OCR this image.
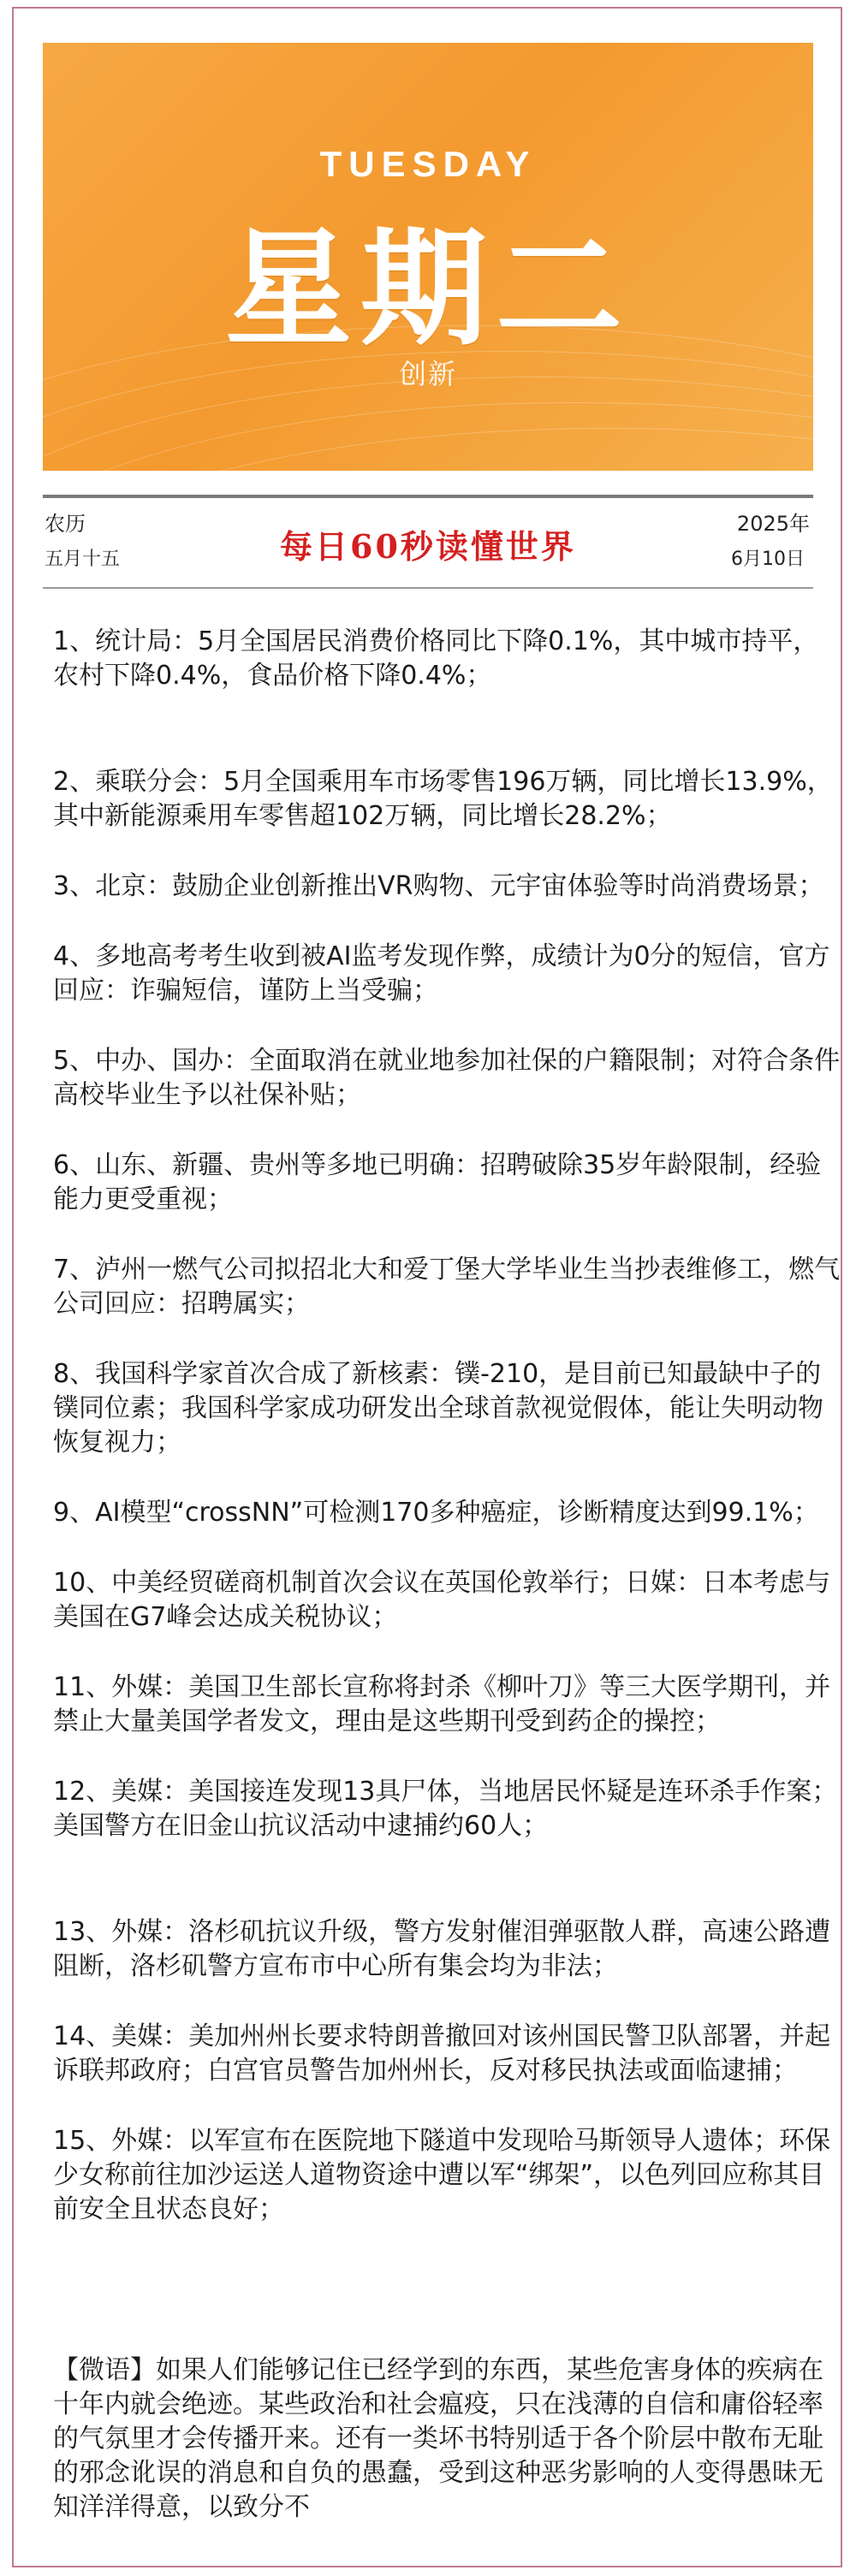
TUESDAY
星期二
创新
农历
五月十五	每日60秒读懂世界
2025年
6月10日

1、统计局：5月全国居民消费价格同比下降0.1%，其中城市持平，农村下降0.4%，食品价格下降0.4%；

2、乘联分会：5月全国乘用车市场零售196万辆，同比增长13.9%，其中新能源乘用车零售超102万辆，同比增长28.2%；

3、北京：鼓励企业创新推出VR购物、元宇宙体验等时尚消费场景；

4、多地高考考生收到被AI监考发现作弊，成绩计为0分的短信，官方回应：诈骗短信，谨防上当受骗；

5、中办、国办：全面取消在就业地参加社保的户籍限制；对符合条件高校毕业生予以社保补贴；

6、山东、新疆、贵州等多地已明确：招聘破除35岁年龄限制，经验能力更受重视；

7、泸州一燃气公司拟招北大和爱丁堡大学毕业生当抄表维修工，燃气公司回应：招聘属实；

8、我国科学家首次合成了新核素：镤-210，是目前已知最缺中子的镤同位素；我国科学家成功研发出全球首款视觉假体，能让失明动物恢复视力；

9、AI模型“crossNN”可检测170多种癌症，诊断精度达到99.1%；

10、中美经贸磋商机制首次会议在英国伦敦举行；日媒：日本考虑与美国在G7峰会达成关税协议；

11、外媒：美国卫生部长宣称将封杀《柳叶刀》等三大医学期刊，并禁止大量美国学者发文，理由是这些期刊受到药企的操控；

12、美媒：美国接连发现13具尸体，当地居民怀疑是连环杀手作案；美国警方在旧金山抗议活动中逮捕约60人；

13、外媒：洛杉矶抗议升级，警方发射催泪弹驱散人群，高速公路遭阻断，洛杉矶警方宣布市中心所有集会均为非法；

14、美媒：美加州州长要求特朗普撤回对该州国民警卫队部署，并起诉联邦政府；白宫官员警告加州州长，反对移民执法或面临逮捕；

15、外媒：以军宣布在医院地下隧道中发现哈马斯领导人遗体；环保少女称前往加沙运送人道物资途中遭以军“绑架”，以色列回应称其目前安全且状态良好；

【微语】如果人们能够记住已经学到的东西，某些危害身体的疾病在十年内就会绝迹。某些政治和社会瘟疫，只在浅薄的自信和庸俗轻率的气氛里才会传播开来。还有一类坏书特别适于各个阶层中散布无耻的邪念讹误的消息和自负的愚蠢，受到这种恶劣影响的人变得愚昧无知洋洋得意，以致分不
